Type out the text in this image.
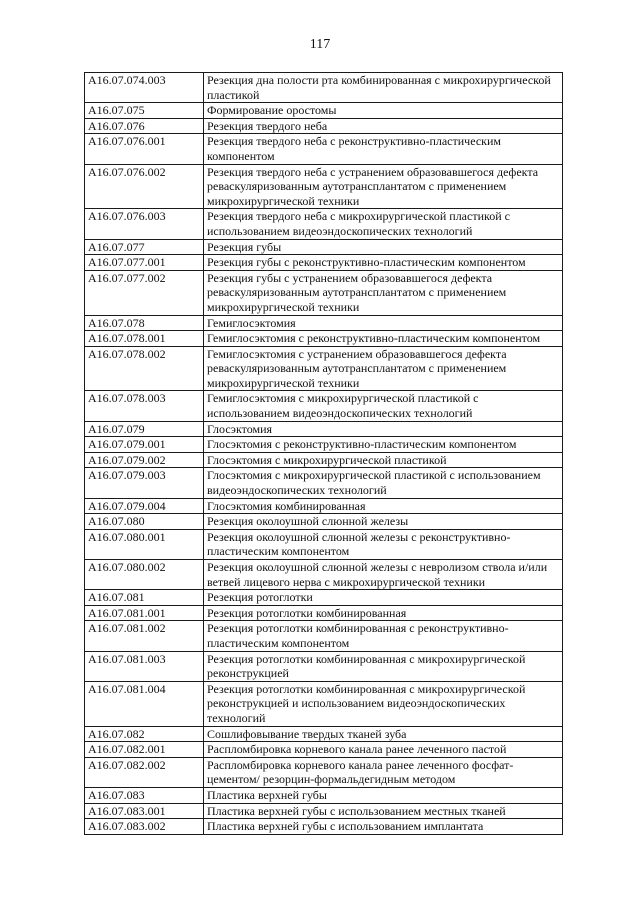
117
A16.07.074.003	Резекция дна полости рта комбинированная с микрохирургической пластикой
A16.07.075	Формирование оростомы
A16.07.076	Резекция твердого неба
A16.07.076.001	Резекция твердого неба с реконструктивно-пластическим компонентом
A16.07.076.002	Резекция твердого неба с устранением образовавшегося дефекта реваскуляризованным аутотрансплантатом с применением микрохирургической техники
A16.07.076.003	Резекция твердого неба с микрохирургической пластикой с использованием видеоэндоскопических технологий
A16.07.077	Резекция губы
A16.07.077.001	Резекция губы с реконструктивно-пластическим компонентом
A16.07.077.002	Резекция губы с устранением образовавшегося дефекта реваскуляризованным аутотрансплантатом с применением микрохирургической техники
A16.07.078	Гемиглосэктомия
A16.07.078.001	Гемиглосэктомия с реконструктивно-пластическим компонентом
A16.07.078.002	Гемиглосэктомия с устранением образовавшегося дефекта реваскуляризованным аутотрансплантатом с применением микрохирургической техники
A16.07.078.003	Гемиглосэктомия с микрохирургической пластикой с использованием видеоэндоскопических технологий
A16.07.079	Глосэктомия
A16.07.079.001	Глосэктомия с реконструктивно-пластическим компонентом
A16.07.079.002	Глосэктомия с микрохирургической пластикой
A16.07.079.003	Глосэктомия с микрохирургической пластикой с использованием видеоэндоскопических технологий
A16.07.079.004	Глосэктомия комбинированная
A16.07.080	Резекция околоушной слюнной железы
A16.07.080.001	Резекция околоушной слюнной железы с реконструктивно-пластическим компонентом
A16.07.080.002	Резекция околоушной слюнной железы с невролизом ствола и/или ветвей лицевого нерва с микрохирургической техники
A16.07.081	Резекция ротоглотки
A16.07.081.001	Резекция ротоглотки комбинированная
A16.07.081.002	Резекция ротоглотки комбинированная с реконструктивно-пластическим компонентом
A16.07.081.003	Резекция ротоглотки комбинированная с микрохирургической реконструкцией
A16.07.081.004	Резекция ротоглотки комбинированная с микрохирургической реконструкцией и использованием видеоэндоскопических технологий
A16.07.082	Сошлифовывание твердых тканей зуба
A16.07.082.001	Распломбировка корневого канала ранее леченного пастой
A16.07.082.002	Распломбировка корневого канала ранее леченного фосфат-цементом/ резорцин-формальдегидным методом
A16.07.083	Пластика верхней губы
A16.07.083.001	Пластика верхней губы с использованием местных тканей
A16.07.083.002	Пластика верхней губы с использованием имплантата
